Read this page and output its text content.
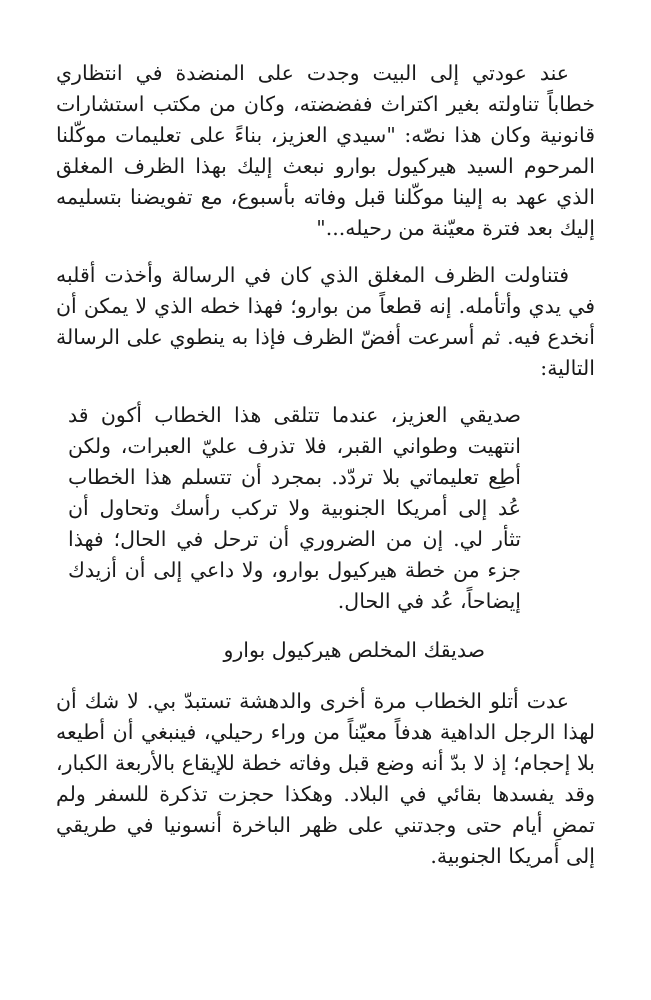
عند عودتي إلى البيت وجدت على المنضدة في انتظاري خطاباً تناولته بغير اكتراث ففضضته، وكان من مكتب استشارات قانونية وكان هذا نصّه: "سيدي العزيز، بناءً على تعليمات موكّلنا المرحوم السيد هيركيول بوارو نبعث إليك بهذا الظرف المغلق الذي عهد به إلينا موكّلنا قبل وفاته بأسبوع، مع تفويضنا بتسليمه إليك بعد فترة معيّنة من رحيله..."

فتناولت الظرف المغلق الذي كان في الرسالة وأخذت أقلبه في يدي وأتأمله. إنه قطعاً من بوارو؛ فهذا خطه الذي لا يمكن أن أنخدع فيه. ثم أسرعت أفضّ الظرف فإذا به ينطوي على الرسالة التالية:

صديقي العزيز، عندما تتلقى هذا الخطاب أكون قد انتهيت وطواني القبر، فلا تذرف عليّ العبرات، ولكن أطِع تعليماتي بلا تردّد. بمجرد أن تتسلم هذا الخطاب عُد إلى أمريكا الجنوبية ولا تركب رأسك وتحاول أن تثأر لي. إن من الضروري أن ترحل في الحال؛ فهذا جزء من خطة هيركيول بوارو، ولا داعي إلى أن أزيدك إيضاحاً، عُد في الحال.

صديقك المخلص هيركيول بوارو

عدت أتلو الخطاب مرة أخرى والدهشة تستبدّ بي. لا شك أن لهذا الرجل الداهية هدفاً معيّناً من وراء رحيلي، فينبغي أن أطيعه بلا إحجام؛ إذ لا بدّ أنه وضع قبل وفاته خطة للإيقاع بالأربعة الكبار، وقد يفسدها بقائي في البلاد. وهكذا حجزت تذكرة للسفر ولم تمضِ أيام حتى وجدتني على ظهر الباخرة أنسونيا في طريقي إلى أمريكا الجنوبية.
